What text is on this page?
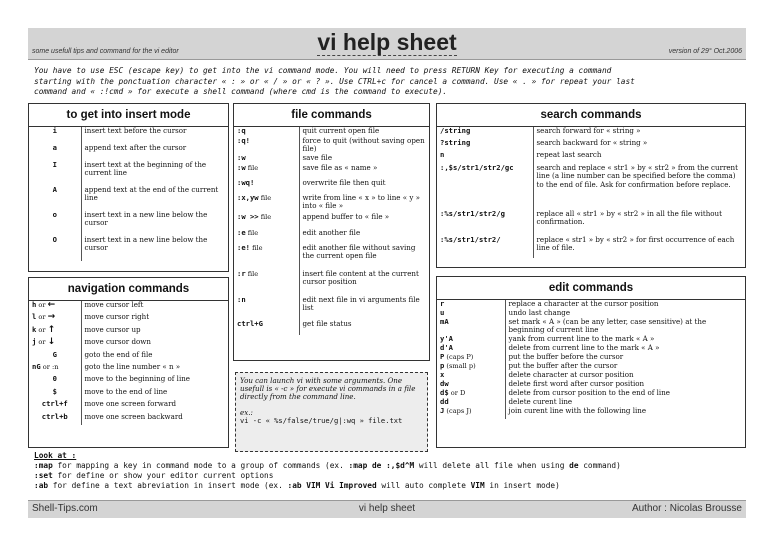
some usefull tips and command for the vi editor	vi help sheet	version of 29° Oct.2006
You have to use ESC (escape key) to get into the vi command mode. You will need to press RETURN Key for executing a command
starting with the ponctuation character « : » or « / » or « ? ». Use CTRL+c for cancel a command. Use « . » for repeat your last
command and « :!cmd » for execute a shell command (where cmd is the command to execute).
to get into insert mode
i	insert text before the cursor
a	append text after the cursor
I	insert text at the beginning of the current line
A	append text at the end of the current line
o	insert text in a new line below the cursor
O	insert text in a new line below the cursor
navigation commands
h or ←	move cursor left
l or →	move cursor right
k or ↑	move cursor up
j or ↓	move cursor down
G	goto the end of file
nG or :n	goto the line number « n »
0	move to the beginning of line
$	move to the end of line
ctrl+f	move one screen forward
ctrl+b	move one screen backward
file commands
:q	quit current open file
:q!	force to quit (without saving open file)
:w	save file
:w file	save file as « name »
:wq!	overwrite file then quit
:x,yw file	write from line « x » to line « y » into « file »
:w >> file	append buffer to « file »
:e file	edit another file
:e! file	edit another file without saving the current open file
:r file	insert file content at the current cursor position
:n	edit next file in vi arguments file list
ctrl+G	get file status

You can launch vi with some arguments. One usefull is « -c » for execute vi commands in a file directly from the command line.

ex.:
vi -c « %s/false/true/g|:wq » file.txt
search commands
/string	search forward for « string »
?string	search backward for « string »
n	repeat last search
:,$s/str1/str2/gc	search and replace « str1 » by « str2 » from the current line (a line number can be specified before the comma) to the end of file. Ask for confirmation before replace.
:%s/str1/str2/g	replace all « str1 » by « str2 » in all the file without confirmation.
:%s/str1/str2/	replace « str1 » by « str2 » for first occurrence of each line of file.
edit commands
r	replace a character at the cursor position
u	undo last change
mA	set mark « A » (can be any letter, case sensitive) at the beginning of current line
y'A	yank from current line to the mark « A »
d'A	delete from current line to the mark « A »
P (caps P)	put the buffer before the cursor
p (small p)	put the buffer after the cursor
x	delete character at cursor position
dw	delete first word after cursor position
d$ or D	delete from cursor position to the end of line
dd	delete curent line
J (caps J)	join curent line with the following line
Look at :
:map for mapping a key in command mode to a group of commands (ex. :map de :,$d^M will delete all file when using de command)
:set for define or show your editor current options
:ab for define a text abreviation in insert mode (ex. :ab VIM Vi Improved will auto complete VIM in insert mode)
Shell-Tips.com	vi help sheet	Author : Nicolas Brousse
